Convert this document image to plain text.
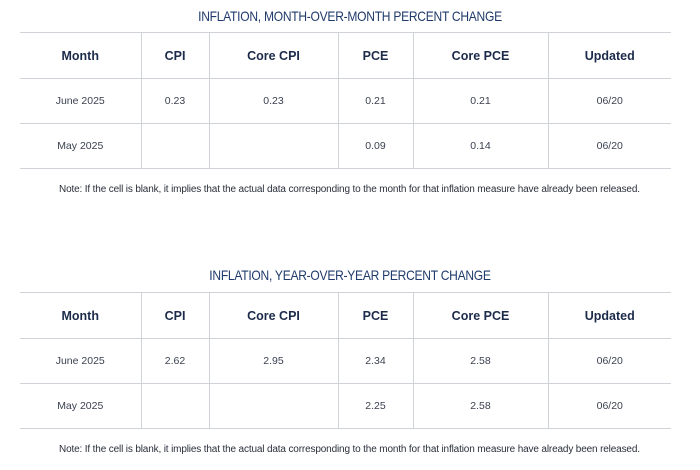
INFLATION, MONTH-OVER-MONTH PERCENT CHANGE
Month	CPI	Core CPI	PCE	Core PCE	Updated
June 2025	0.23	0.23	0.21	0.21	06/20
May 2025			0.09	0.14	06/20
Note: If the cell is blank, it implies that the actual data corresponding to the month for that inflation measure have already been released.
INFLATION, YEAR-OVER-YEAR PERCENT CHANGE
Month	CPI	Core CPI	PCE	Core PCE	Updated
June 2025	2.62	2.95	2.34	2.58	06/20
May 2025			2.25	2.58	06/20
Note: If the cell is blank, it implies that the actual data corresponding to the month for that inflation measure have already been released.
